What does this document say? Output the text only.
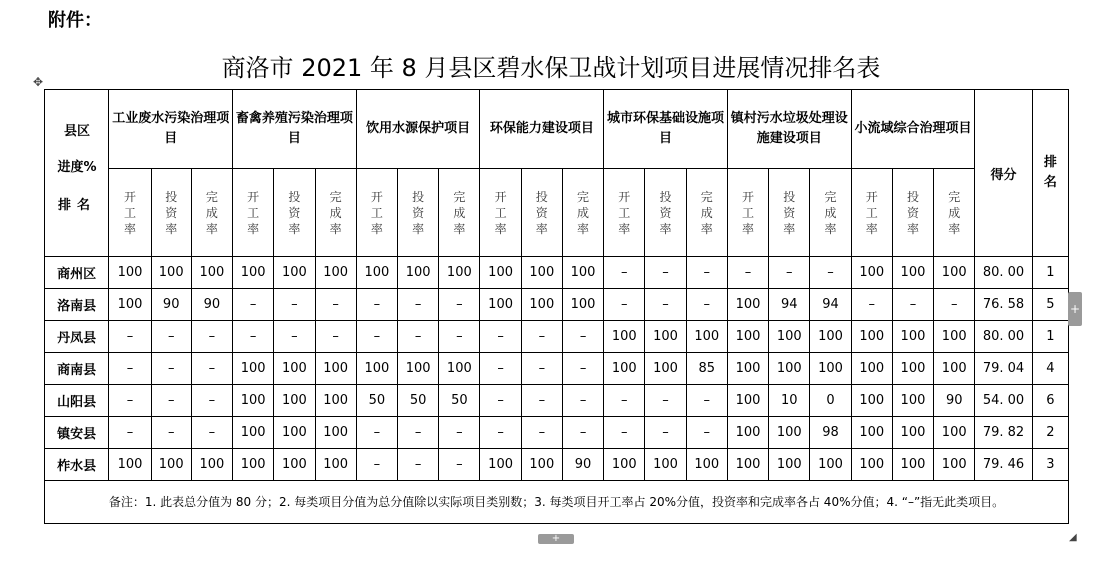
附件：
商洛市 2021 年 8 月县区碧水保卫战计划项目进展情况排名表
✥
县区
进度%
排名	工业废水污染治理项目			畜禽养殖污染治理项目			饮用水源保护项目			环保能力建设项目			城市环保基础设施项目			镇村污水垃圾处理设施建设项目			小流域综合治理项目			得分	排名
	开工率	投资率	完成率	开工率	投资率	完成率	开工率	投资率	完成率	开工率	投资率	完成率	开工率	投资率	完成率	开工率	投资率	完成率	开工率	投资率	完成率		
商州区	100	100	100	100	100	100	100	100	100	100	100	100	–	–	–	–	–	–	100	100	100	80. 00	1
洛南县	100	90	90	–	–	–	–	–	–	100	100	100	–	–	–	100	94	94	–	–	–	76. 58	5
丹凤县	–	–	–	–	–	–	–	–	–	–	–	–	100	100	100	100	100	100	100	100	100	80. 00	1
商南县	–	–	–	100	100	100	100	100	100	–	–	–	100	100	85	100	100	100	100	100	100	79. 04	4
山阳县	–	–	–	100	100	100	50	50	50	–	–	–	–	–	–	100	10	0	100	100	90	54. 00	6
镇安县	–	–	–	100	100	100	–	–	–	–	–	–	–	–	–	100	100	98	100	100	100	79. 82	2
柞水县	100	100	100	100	100	100	–	–	–	100	100	90	100	100	100	100	100	100	100	100	100	79. 46	3
备注：1. 此表总分值为 80 分；2. 每类项目分值为总分值除以实际项目类别数；3. 每类项目开工率占 20%分值，投资率和完成率各占 40%分值；4. “–”指无此类项目。																							
+
+	◢
